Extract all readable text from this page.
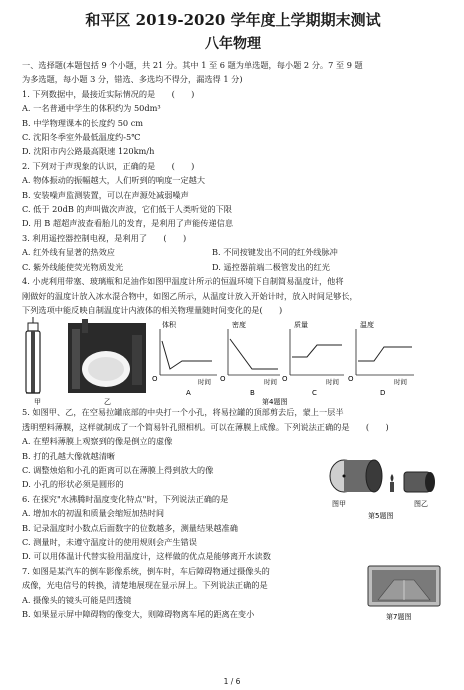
和平区 2019-2020 学年度上学期期末测试
八年物理
一、选择题(本题包括 9 个小题，共 21 分。其中 1 至 6 题为单选题，每小题 2 分。7 至 9 题
为多选题，每小题 3 分，错选、多选均不得分，漏选得 1 分)
1. 下列数据中，最接近实际情况的是　　(　　)
A. 一名普通中学生的体积约为 50dm³
B. 中学物理课本的长度约 50 cm
C. 沈阳冬季室外最低温度约-5℃
D. 沈阳市内公路最高限速 120km/h
2. 下列对于声现象的认识，正确的是　　(　　)
A. 物体振动的振幅越大，人们听到的响度一定越大
B. 安装噪声监测装置，可以在声源处减弱噪声
C. 低于 20dB 的声叫做次声波，它们低于人类听觉的下限
D. 用 B 超超声波查看胎儿的发育，是利用了声能传递信息
3. 利用遥控器控制电视，是利用了　　(　　)
A. 红外线有显著的热效应	B. 不同按键发出不同的红外线脉冲
C. 紫外线能使荧光物质发光	D. 遥控器前端二极管发出的红光
4. 小虎利用带塞、玻璃瓶和足油作如图甲温度计所示的恒温环境下自制简易温度计，他将
刚做好的温度计放入冰水混合物中，如图乙所示，从温度计放入开始计时，放入时间足够长，
下列选项中能反映自制温度计内液体的相关物理量随时间变化的是(　　)
甲	乙
体积
O	时间
A
密度
O	时间
B
质量
O	时间
C
温度
O	时间
D
第4题图
5. 如图甲、乙，在空易拉罐底部的中央打一个小孔，将易拉罐的顶部剪去后，蒙上一层半
透明塑料薄膜，这样就制成了一个简易针孔照相机。可以在薄膜上成像。下列说法正确的是　　(　　)
A. 在塑料薄膜上观察到的像是倒立的虚像
B. 打的孔越大像就越清晰
C. 调整烛焰和小孔的距离可以在薄膜上得到放大的像
D. 小孔的形状必须是圆形的
6. 在探究"水沸腾时温度变化特点"时，下列说法正确的是
A. 增加水的初温和质量会缩短加热时间
图甲	图乙
第5题图
B. 记录温度时小数点后面数字的位数越多，测量结果越准确
C. 测量时，未遵守温度计的使用规则会产生错误
D. 可以用体温计代替实验用温度计，这样做的优点是能够离开水读数
7. 如图是某汽车的倒车影像系统，倒车时，车后障碍物通过摄像头的
成像，光电信号的转换，清楚地展现在显示屏上。下列说法正确的是
A. 摄像头的镜头可能是凹透镜
B. 如果显示屏中障碍物的像变大，则障碍物离车尾的距离在变小	第7题图
1 / 6
